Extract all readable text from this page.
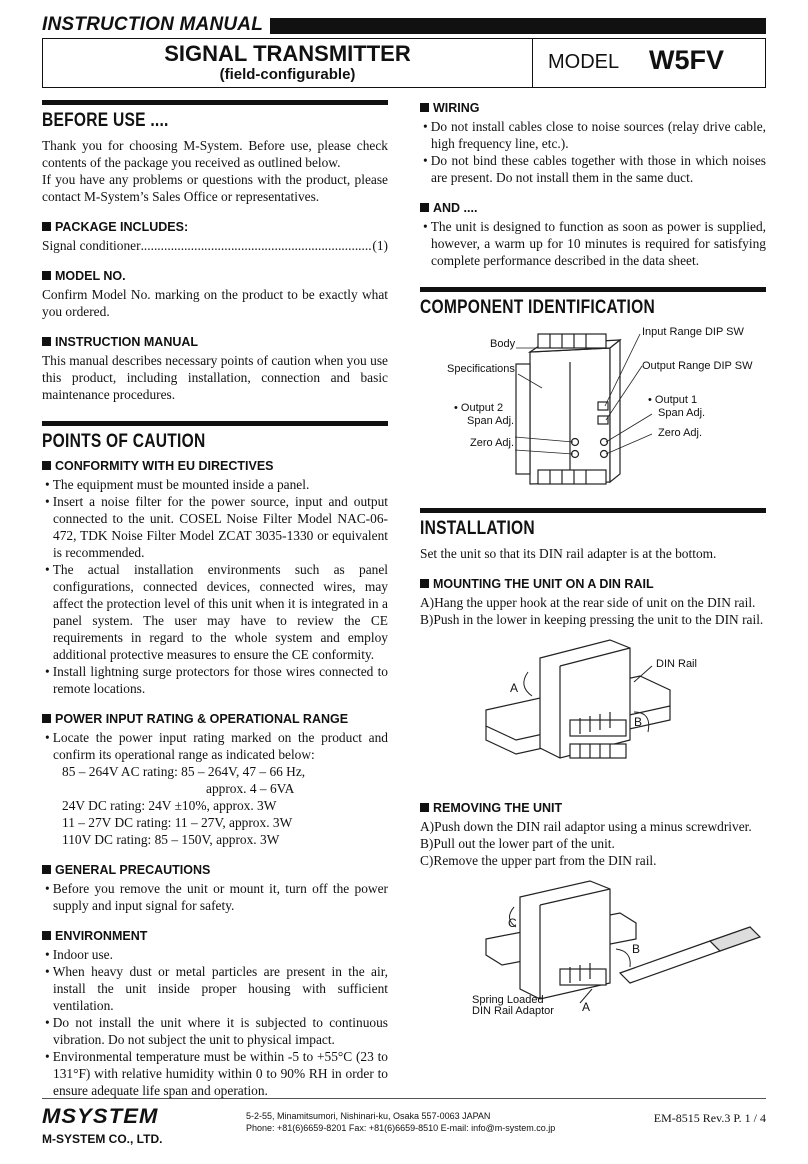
INSTRUCTION MANUAL
SIGNAL TRANSMITTER
(field-configurable)
MODEL W5FV
BEFORE USE ....

Thank you for choosing M-System. Before use, please check contents of the package you received as outlined below.

If you have any problems or questions with the product, please contact M-System’s Sales Office or representatives.

PACKAGE INCLUDES:
Signal conditioner
.....	(1)
MODEL NO.

Confirm Model No. marking on the product to be exactly what you ordered.

INSTRUCTION MANUAL

This manual describes necessary points of caution when you use this product, including installation, connection and basic maintenance procedures.

POINTS OF CAUTION
CONFORMITY WITH EU DIRECTIVES
• The equipment must be mounted inside a panel.
• Insert a noise filter for the power source, input and output connected to the unit. COSEL Noise Filter Model NAC-06-472, TDK Noise Filter Model ZCAT 3035-1330 or equivalent is recommended.
• The actual installation environments such as panel configurations, connected devices, connected wires, may affect the protection level of this unit when it is integrated in a panel system. The user may have to review the CE requirements in regard to the whole system and employ additional protective measures to ensure the CE conformity.
• Install lightning surge protectors for those wires connected to remote locations.
POWER INPUT RATING & OPERATIONAL RANGE
• Locate the power input rating marked on the product and confirm its operational range as indicated below:
85 – 264V AC rating: 85 – 264V, 47 – 66 Hz,
approx. 4 – 6VA
24V DC rating: 24V ±10%, approx. 3W
11 – 27V DC rating: 11 – 27V, approx. 3W
110V DC rating: 85 – 150V, approx. 3W
GENERAL PRECAUTIONS
• Before you remove the unit or mount it, turn off the power supply and input signal for safety.
ENVIRONMENT
• Indoor use.
• When heavy dust or metal particles are present in the air, install the unit inside proper housing with sufficient ventilation.
• Do not install the unit where it is subjected to continuous vibration. Do not subject the unit to physical impact.
• Environmental temperature must be within -5 to +55°C (23 to 131°F) with relative humidity within 0 to 90% RH in order to ensure adequate life span and operation.
WIRING
• Do not install cables close to noise sources (relay drive cable, high frequency line, etc.).
• Do not bind these cables together with those in which noises are present. Do not install them in the same duct.
AND ....
• The unit is designed to function as soon as power is supplied, however, a warm up for 10 minutes is required for satisfying complete performance described in the data sheet.
COMPONENT IDENTIFICATION
Body
Specifications
• Output 2
Span Adj.
Zero Adj.
Input Range DIP SW
Output Range DIP SW
• Output 1
Span Adj.
Zero Adj.
INSTALLATION

Set the unit so that its DIN rail adapter is at the bottom.

MOUNTING THE UNIT ON A DIN RAIL
A)Hang the upper hook at the rear side of unit on the DIN rail.
B)Push in the lower in keeping pressing the unit to the DIN rail.
DIN Rail
A
B
REMOVING THE UNIT
A)Push down the DIN rail adaptor using a minus screwdriver.
B)Pull out the lower part of the unit.
C)Remove the upper part from the DIN rail.
C
B
A
Spring Loaded
DIN Rail Adaptor
MSYSTEM
M-SYSTEM CO., LTD.
5-2-55, Minamitsumori, Nishinari-ku, Osaka 557-0063 JAPAN
Phone: +81(6)6659-8201 Fax: +81(6)6659-8510 E-mail: info@m-system.co.jp
EM-8515 Rev.3 P. 1 / 4
